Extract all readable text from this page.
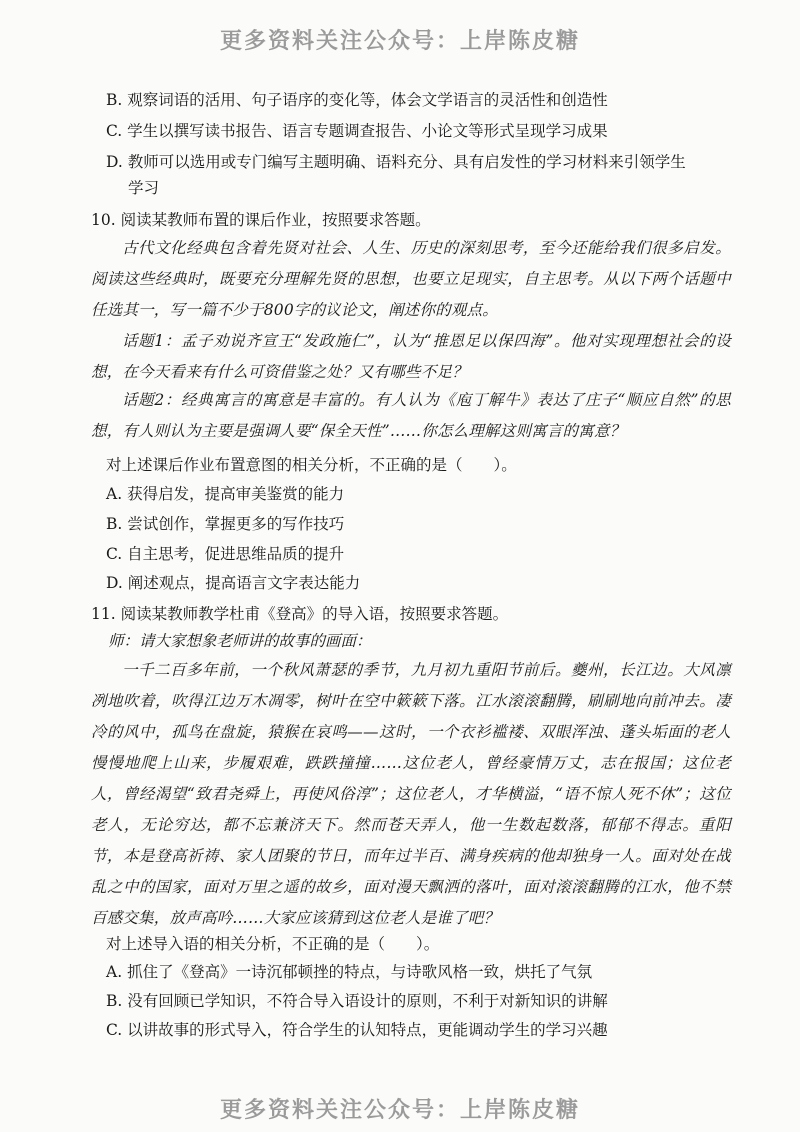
更多资料关注公众号：上岸陈皮糖
B. 观察词语的活用、句子语序的变化等，体会文学语言的灵活性和创造性
C. 学生以撰写读书报告、语言专题调查报告、小论文等形式呈现学习成果
D. 教师可以选用或专门编写主题明确、语料充分、具有启发性的学习材料来引领学生
学习
10. 阅读某教师布置的课后作业，按照要求答题。
古代文化经典包含着先贤对社会、人生、历史的深刻思考，至今还能给我们很多启发。阅读这些经典时，既要充分理解先贤的思想，也要立足现实，自主思考。从以下两个话题中任选其一，写一篇不少于800字的议论文，阐述你的观点。
话题1：孟子劝说齐宣王“发政施仁”，认为“推恩足以保四海”。他对实现理想社会的设想，在今天看来有什么可资借鉴之处？又有哪些不足？
话题2：经典寓言的寓意是丰富的。有人认为《庖丁解牛》表达了庄子“顺应自然”的思想，有人则认为主要是强调人要“保全天性”……你怎么理解这则寓言的寓意？
对上述课后作业布置意图的相关分析，不正确的是（　　）。
A. 获得启发，提高审美鉴赏的能力
B. 尝试创作，掌握更多的写作技巧
C. 自主思考，促进思维品质的提升
D. 阐述观点，提高语言文字表达能力
11. 阅读某教师教学杜甫《登高》的导入语，按照要求答题。
师：请大家想象老师讲的故事的画面：
一千二百多年前，一个秋风萧瑟的季节，九月初九重阳节前后。夔州，长江边。大风凛冽地吹着，吹得江边万木凋零，树叶在空中簌簌下落。江水滚滚翻腾，刷刷地向前冲去。凄冷的风中，孤鸟在盘旋，猿猴在哀鸣——这时，一个衣衫褴褛、双眼浑浊、蓬头垢面的老人慢慢地爬上山来，步履艰难，跌跌撞撞……这位老人，曾经豪情万丈，志在报国；这位老人，曾经渴望“致君尧舜上，再使风俗淳”；这位老人，才华横溢，“语不惊人死不休”；这位老人，无论穷达，都不忘兼济天下。然而苍天弄人，他一生数起数落，郁郁不得志。重阳节，本是登高祈祷、家人团聚的节日，而年过半百、满身疾病的他却独身一人。面对处在战乱之中的国家，面对万里之遥的故乡，面对漫天飘洒的落叶，面对滚滚翻腾的江水，他不禁百感交集，放声高吟……大家应该猜到这位老人是谁了吧？
对上述导入语的相关分析，不正确的是（　　）。
A. 抓住了《登高》一诗沉郁顿挫的特点，与诗歌风格一致，烘托了气氛
B. 没有回顾已学知识，不符合导入语设计的原则，不利于对新知识的讲解
C. 以讲故事的形式导入，符合学生的认知特点，更能调动学生的学习兴趣
更多资料关注公众号：上岸陈皮糖
